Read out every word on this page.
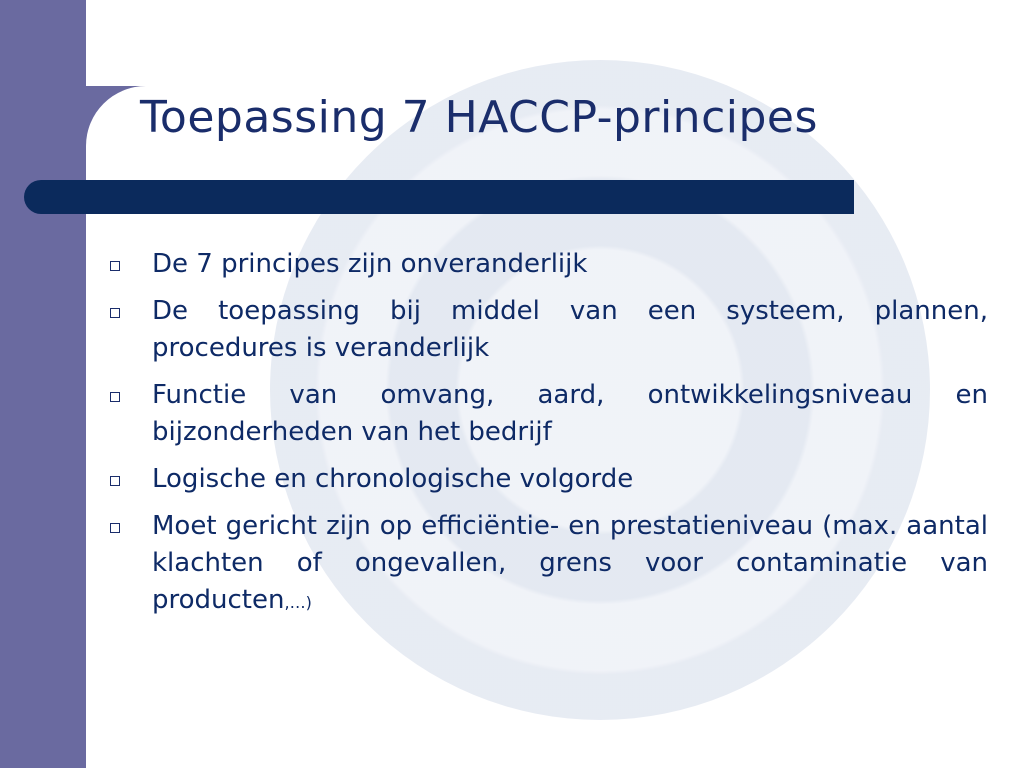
Toepassing 7 HACCP-principes
De 7 principes zijn onveranderlijk
De toepassing bij middel van een systeem, plannen, procedures is veranderlijk
Functie van omvang, aard, ontwikkelingsniveau en bijzonderheden van het bedrijf
Logische en chronologische volgorde
Moet gericht zijn op efficiëntie- en prestatieniveau (max. aantal klachten of ongevallen, grens voor contaminatie van producten,…)
